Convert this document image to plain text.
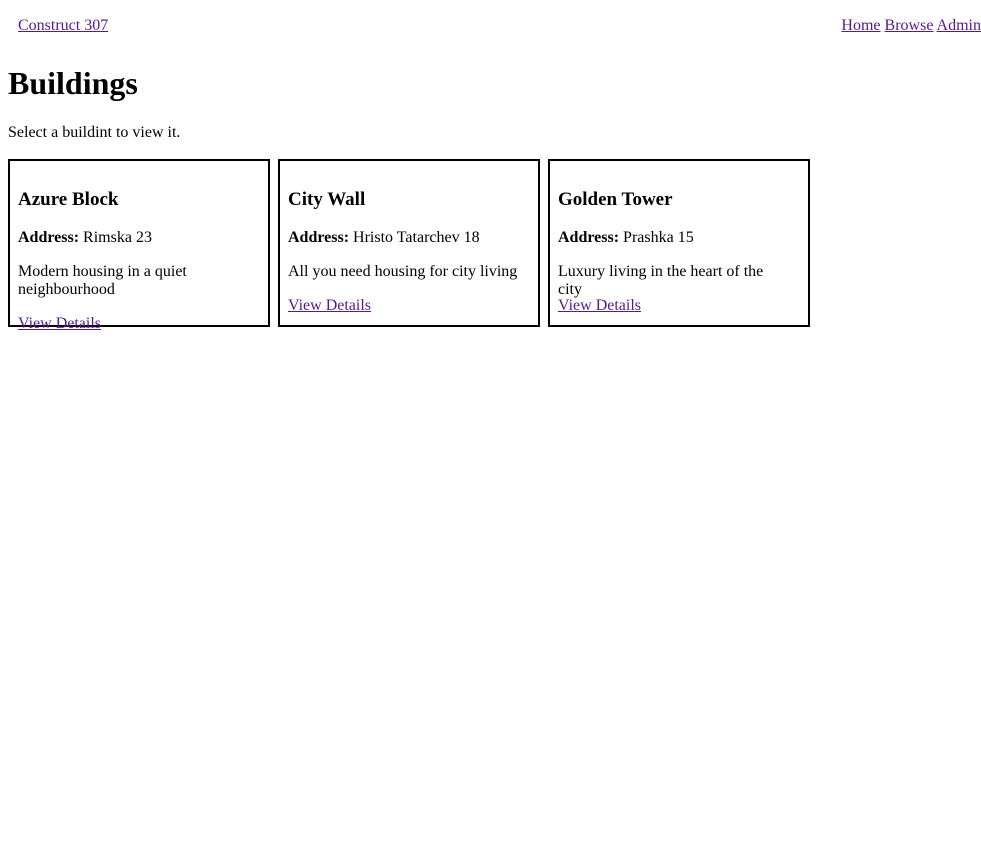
Construct 307	Home Browse Admin
Buildings

Select a buildint to view it.

Azure Block

Address: Rimska 23

Modern housing in a quiet neighbourhood

View Details
City Wall

Address: Hristo Tatarchev 18

All you need housing for city living

View Details
Golden Tower

Address: Prashka 15

Luxury living in the heart of the city

View Details
